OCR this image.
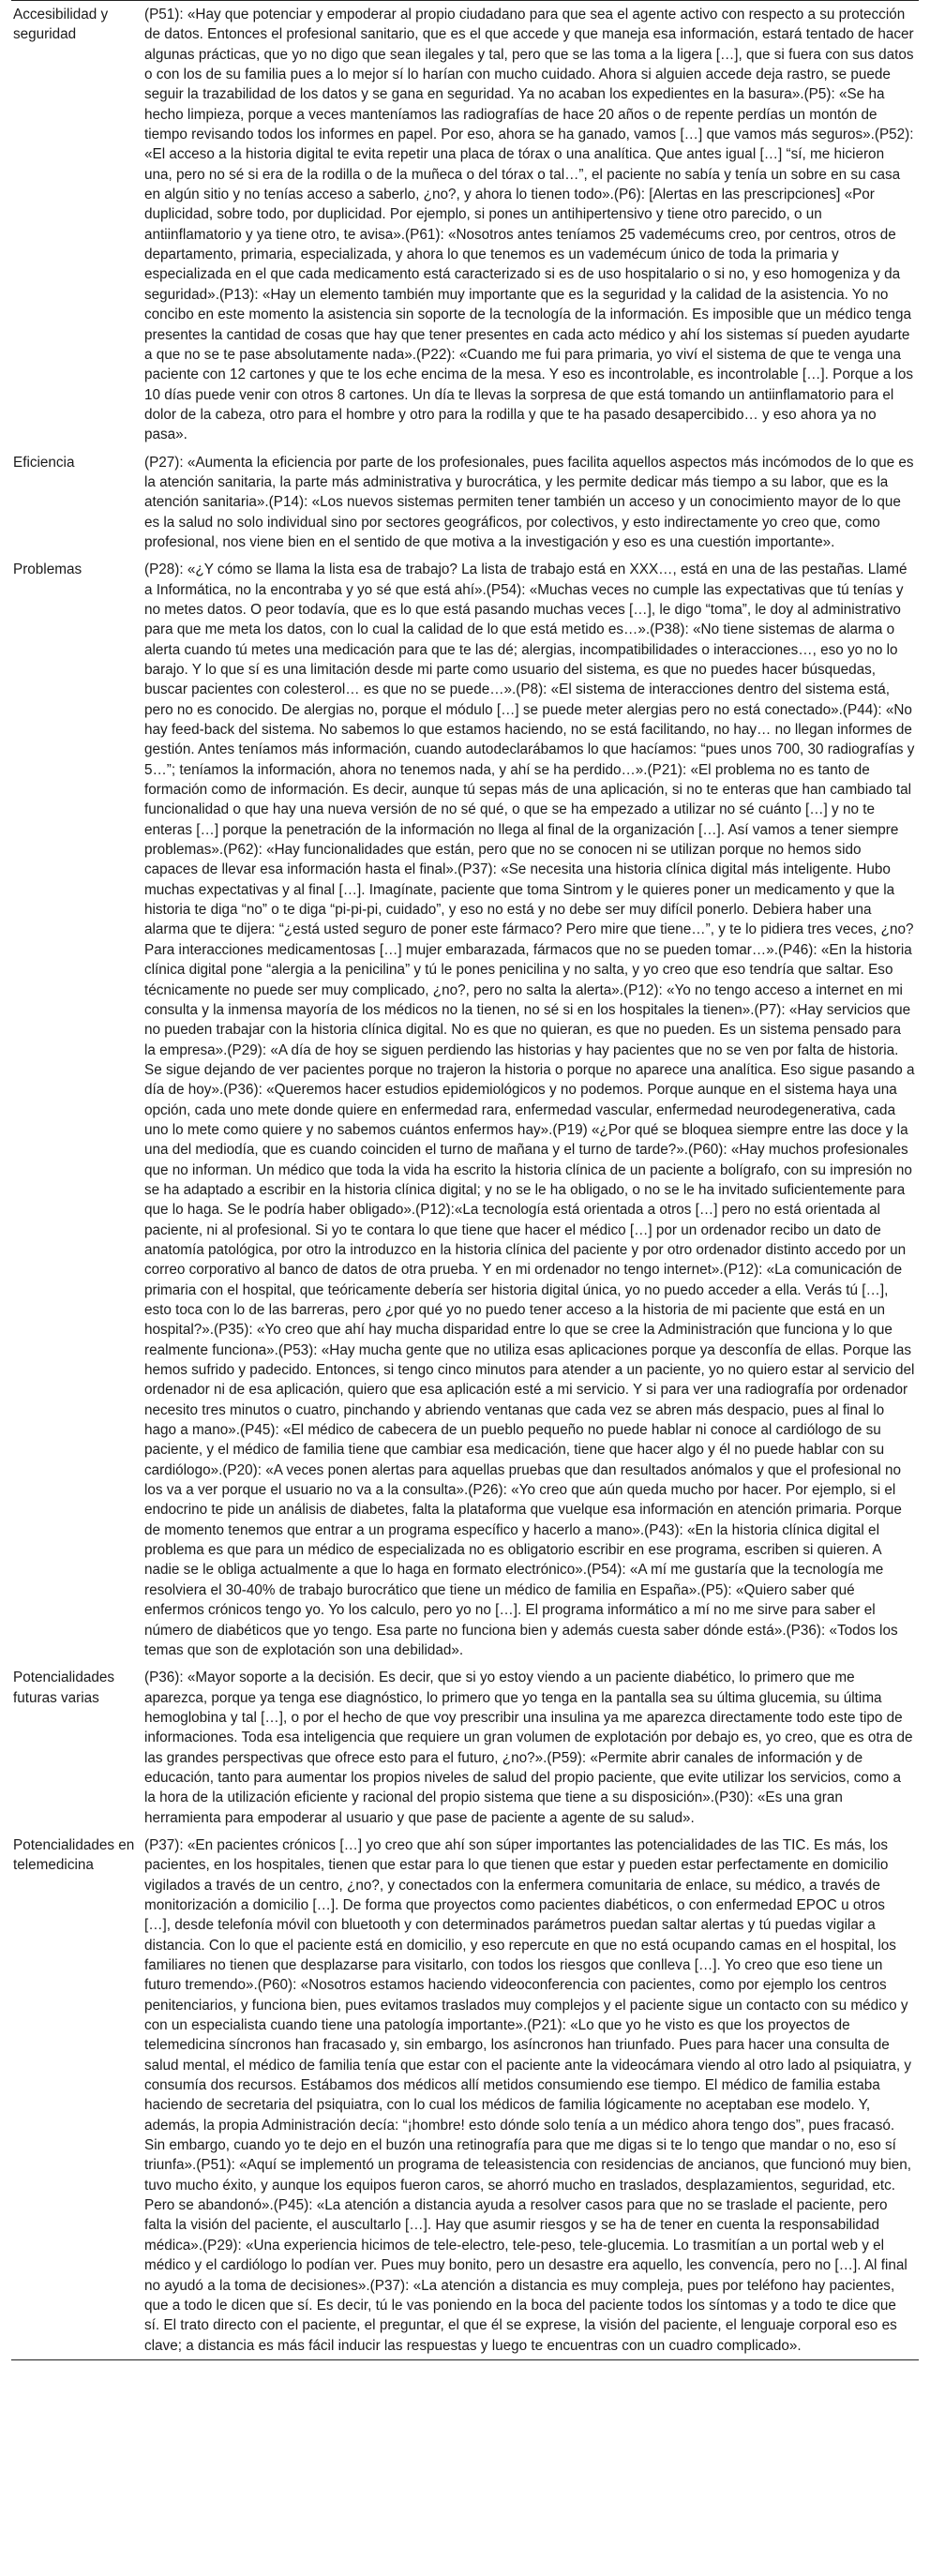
Accesibilidad y seguridad	(P51): «Hay que potenciar y empoderar al propio ciudadano para que sea el agente activo con respecto a su protección de datos. Entonces el profesional sanitario, que es el que accede y que maneja esa información, estará tentado de hacer algunas prácticas, que yo no digo que sean ilegales y tal, pero que se las toma a la ligera […], que si fuera con sus datos o con los de su familia pues a lo mejor sí lo harían con mucho cuidado. Ahora si alguien accede deja rastro, se puede seguir la trazabilidad de los datos y se gana en seguridad. Ya no acaban los expedientes en la basura».(P5): «Se ha hecho limpieza, porque a veces manteníamos las radiografías de hace 20 años o de repente perdías un montón de tiempo revisando todos los informes en papel. Por eso, ahora se ha ganado, vamos […] que vamos más seguros».(P52): «El acceso a la historia digital te evita repetir una placa de tórax o una analítica. Que antes igual […] “sí, me hicieron una, pero no sé si era de la rodilla o de la muñeca o del tórax o tal…”, el paciente no sabía y tenía un sobre en su casa en algún sitio y no tenías acceso a saberlo, ¿no?, y ahora lo tienen todo».(P6): [Alertas en las prescripciones] «Por duplicidad, sobre todo, por duplicidad. Por ejemplo, si pones un antihipertensivo y tiene otro parecido, o un antiinflamatorio y ya tiene otro, te avisa».(P61): «Nosotros antes teníamos 25 vademécums creo, por centros, otros de departamento, primaria, especializada, y ahora lo que tenemos es un vademécum único de toda la primaria y especializada en el que cada medicamento está caracterizado si es de uso hospitalario o si no, y eso homogeniza y da seguridad».(P13): «Hay un elemento también muy importante que es la seguridad y la calidad de la asistencia. Yo no concibo en este momento la asistencia sin soporte de la tecnología de la información. Es imposible que un médico tenga presentes la cantidad de cosas que hay que tener presentes en cada acto médico y ahí los sistemas sí pueden ayudarte a que no se te pase absolutamente nada».(P22): «Cuando me fui para primaria, yo viví el sistema de que te venga una paciente con 12 cartones y que te los eche encima de la mesa. Y eso es incontrolable, es incontrolable […]. Porque a los 10 días puede venir con otros 8 cartones. Un día te llevas la sorpresa de que está tomando un antiinflamatorio para el dolor de la cabeza, otro para el hombre y otro para la rodilla y que te ha pasado desapercibido… y eso ahora ya no pasa».
Eficiencia	(P27): «Aumenta la eficiencia por parte de los profesionales, pues facilita aquellos aspectos más incómodos de lo que es la atención sanitaria, la parte más administrativa y burocrática, y les permite dedicar más tiempo a su labor, que es la atención sanitaria».(P14): «Los nuevos sistemas permiten tener también un acceso y un conocimiento mayor de lo que es la salud no solo individual sino por sectores geográficos, por colectivos, y esto indirectamente yo creo que, como profesional, nos viene bien en el sentido de que motiva a la investigación y eso es una cuestión importante».
Problemas	(P28): «¿Y cómo se llama la lista esa de trabajo? La lista de trabajo está en XXX…, está en una de las pestañas. Llamé a Informática, no la encontraba y yo sé que está ahí».(P54): «Muchas veces no cumple las expectativas que tú tenías y no metes datos. O peor todavía, que es lo que está pasando muchas veces […], le digo “toma”, le doy al administrativo para que me meta los datos, con lo cual la calidad de lo que está metido es…».(P38): «No tiene sistemas de alarma o alerta cuando tú metes una medicación para que te las dé; alergias, incompatibilidades o interacciones…, eso yo no lo barajo. Y lo que sí es una limitación desde mi parte como usuario del sistema, es que no puedes hacer búsquedas, buscar pacientes con colesterol… es que no se puede…».(P8): «El sistema de interacciones dentro del sistema está, pero no es conocido. De alergias no, porque el módulo […] se puede meter alergias pero no está conectado».(P44): «No hay feed-back del sistema. No sabemos lo que estamos haciendo, no se está facilitando, no hay… no llegan informes de gestión. Antes teníamos más información, cuando autodeclarábamos lo que hacíamos: “pues unos 700, 30 radiografías y 5…”; teníamos la información, ahora no tenemos nada, y ahí se ha perdido…».(P21): «El problema no es tanto de formación como de información. Es decir, aunque tú sepas más de una aplicación, si no te enteras que han cambiado tal funcionalidad o que hay una nueva versión de no sé qué, o que se ha empezado a utilizar no sé cuánto […] y no te enteras […] porque la penetración de la información no llega al final de la organización […]. Así vamos a tener siempre problemas».(P62): «Hay funcionalidades que están, pero que no se conocen ni se utilizan porque no hemos sido capaces de llevar esa información hasta el final».(P37): «Se necesita una historia clínica digital más inteligente. Hubo muchas expectativas y al final […]. Imagínate, paciente que toma Sintrom y le quieres poner un medicamento y que la historia te diga “no” o te diga “pi-pi-pi, cuidado”, y eso no está y no debe ser muy difícil ponerlo. Debiera haber una alarma que te dijera: “¿está usted seguro de poner este fármaco? Pero mire que tiene…”, y te lo pidiera tres veces, ¿no? Para interacciones medicamentosas […] mujer embarazada, fármacos que no se pueden tomar…».(P46): «En la historia clínica digital pone “alergia a la penicilina” y tú le pones penicilina y no salta, y yo creo que eso tendría que saltar. Eso técnicamente no puede ser muy complicado, ¿no?, pero no salta la alerta».(P12): «Yo no tengo acceso a internet en mi consulta y la inmensa mayoría de los médicos no la tienen, no sé si en los hospitales la tienen».(P7): «Hay servicios que no pueden trabajar con la historia clínica digital. No es que no quieran, es que no pueden. Es un sistema pensado para la empresa».(P29): «A día de hoy se siguen perdiendo las historias y hay pacientes que no se ven por falta de historia. Se sigue dejando de ver pacientes porque no trajeron la historia o porque no aparece una analítica. Eso sigue pasando a día de hoy».(P36): «Queremos hacer estudios epidemiológicos y no podemos. Porque aunque en el sistema haya una opción, cada uno mete donde quiere en enfermedad rara, enfermedad vascular, enfermedad neurodegenerativa, cada uno lo mete como quiere y no sabemos cuántos enfermos hay».(P19) «¿Por qué se bloquea siempre entre las doce y la una del mediodía, que es cuando coinciden el turno de mañana y el turno de tarde?».(P60): «Hay muchos profesionales que no informan. Un médico que toda la vida ha escrito la historia clínica de un paciente a bolígrafo, con su impresión no se ha adaptado a escribir en la historia clínica digital; y no se le ha obligado, o no se le ha invitado suficientemente para que lo haga. Se le podría haber obligado».(P12):«La tecnología está orientada a otros […] pero no está orientada al paciente, ni al profesional. Si yo te contara lo que tiene que hacer el médico […] por un ordenador recibo un dato de anatomía patológica, por otro la introduzco en la historia clínica del paciente y por otro ordenador distinto accedo por un correo corporativo al banco de datos de otra prueba. Y en mi ordenador no tengo internet».(P12): «La comunicación de primaria con el hospital, que teóricamente debería ser historia digital única, yo no puedo acceder a ella. Verás tú […], esto toca con lo de las barreras, pero ¿por qué yo no puedo tener acceso a la historia de mi paciente que está en un hospital?».(P35): «Yo creo que ahí hay mucha disparidad entre lo que se cree la Administración que funciona y lo que realmente funciona».(P53): «Hay mucha gente que no utiliza esas aplicaciones porque ya desconfía de ellas. Porque las hemos sufrido y padecido. Entonces, si tengo cinco minutos para atender a un paciente, yo no quiero estar al servicio del ordenador ni de esa aplicación, quiero que esa aplicación esté a mi servicio. Y si para ver una radiografía por ordenador necesito tres minutos o cuatro, pinchando y abriendo ventanas que cada vez se abren más despacio, pues al final lo hago a mano».(P45): «El médico de cabecera de un pueblo pequeño no puede hablar ni conoce al cardiólogo de su paciente, y el médico de familia tiene que cambiar esa medicación, tiene que hacer algo y él no puede hablar con su cardiólogo».(P20): «A veces ponen alertas para aquellas pruebas que dan resultados anómalos y que el profesional no los va a ver porque el usuario no va a la consulta».(P26): «Yo creo que aún queda mucho por hacer. Por ejemplo, si el endocrino te pide un análisis de diabetes, falta la plataforma que vuelque esa información en atención primaria. Porque de momento tenemos que entrar a un programa específico y hacerlo a mano».(P43): «En la historia clínica digital el problema es que para un médico de especializada no es obligatorio escribir en ese programa, escriben si quieren. A nadie se le obliga actualmente a que lo haga en formato electrónico».(P54): «A mí me gustaría que la tecnología me resolviera el 30-40% de trabajo burocrático que tiene un médico de familia en España».(P5): «Quiero saber qué enfermos crónicos tengo yo. Yo los calculo, pero yo no […]. El programa informático a mí no me sirve para saber el número de diabéticos que yo tengo. Esa parte no funciona bien y además cuesta saber dónde está».(P36): «Todos los temas que son de explotación son una debilidad».
Potencialidades futuras varias	(P36): «Mayor soporte a la decisión. Es decir, que si yo estoy viendo a un paciente diabético, lo primero que me aparezca, porque ya tenga ese diagnóstico, lo primero que yo tenga en la pantalla sea su última glucemia, su última hemoglobina y tal […], o por el hecho de que voy prescribir una insulina ya me aparezca directamente todo este tipo de informaciones. Toda esa inteligencia que requiere un gran volumen de explotación por debajo es, yo creo, que es otra de las grandes perspectivas que ofrece esto para el futuro, ¿no?».(P59): «Permite abrir canales de información y de educación, tanto para aumentar los propios niveles de salud del propio paciente, que evite utilizar los servicios, como a la hora de la utilización eficiente y racional del propio sistema que tiene a su disposición».(P30): «Es una gran herramienta para empoderar al usuario y que pase de paciente a agente de su salud».
Potencialidades en telemedicina	(P37): «En pacientes crónicos […] yo creo que ahí son súper importantes las potencialidades de las TIC. Es más, los pacientes, en los hospitales, tienen que estar para lo que tienen que estar y pueden estar perfectamente en domicilio vigilados a través de un centro, ¿no?, y conectados con la enfermera comunitaria de enlace, su médico, a través de monitorización a domicilio […]. De forma que proyectos como pacientes diabéticos, o con enfermedad EPOC u otros […], desde telefonía móvil con bluetooth y con determinados parámetros puedan saltar alertas y tú puedas vigilar a distancia. Con lo que el paciente está en domicilio, y eso repercute en que no está ocupando camas en el hospital, los familiares no tienen que desplazarse para visitarlo, con todos los riesgos que conlleva […]. Yo creo que eso tiene un futuro tremendo».(P60): «Nosotros estamos haciendo videoconferencia con pacientes, como por ejemplo los centros penitenciarios, y funciona bien, pues evitamos traslados muy complejos y el paciente sigue un contacto con su médico y con un especialista cuando tiene una patología importante».(P21): «Lo que yo he visto es que los proyectos de telemedicina síncronos han fracasado y, sin embargo, los asíncronos han triunfado. Pues para hacer una consulta de salud mental, el médico de familia tenía que estar con el paciente ante la videocámara viendo al otro lado al psiquiatra, y consumía dos recursos. Estábamos dos médicos allí metidos consumiendo ese tiempo. El médico de familia estaba haciendo de secretaria del psiquiatra, con lo cual los médicos de familia lógicamente no aceptaban ese modelo. Y, además, la propia Administración decía: “¡hombre! esto dónde solo tenía a un médico ahora tengo dos”, pues fracasó. Sin embargo, cuando yo te dejo en el buzón una retinografía para que me digas si te lo tengo que mandar o no, eso sí triunfa».(P51): «Aquí se implementó un programa de teleasistencia con residencias de ancianos, que funcionó muy bien, tuvo mucho éxito, y aunque los equipos fueron caros, se ahorró mucho en traslados, desplazamientos, seguridad, etc. Pero se abandonó».(P45): «La atención a distancia ayuda a resolver casos para que no se traslade el paciente, pero falta la visión del paciente, el auscultarlo […]. Hay que asumir riesgos y se ha de tener en cuenta la responsabilidad médica».(P29): «Una experiencia hicimos de tele-electro, tele-peso, tele-glucemia. Lo trasmitían a un portal web y el médico y el cardiólogo lo podían ver. Pues muy bonito, pero un desastre era aquello, les convencía, pero no […]. Al final no ayudó a la toma de decisiones».(P37): «La atención a distancia es muy compleja, pues por teléfono hay pacientes, que a todo le dicen que sí. Es decir, tú le vas poniendo en la boca del paciente todos los síntomas y a todo te dice que sí. El trato directo con el paciente, el preguntar, el que él se exprese, la visión del paciente, el lenguaje corporal eso es clave; a distancia es más fácil inducir las respuestas y luego te encuentras con un cuadro complicado».
